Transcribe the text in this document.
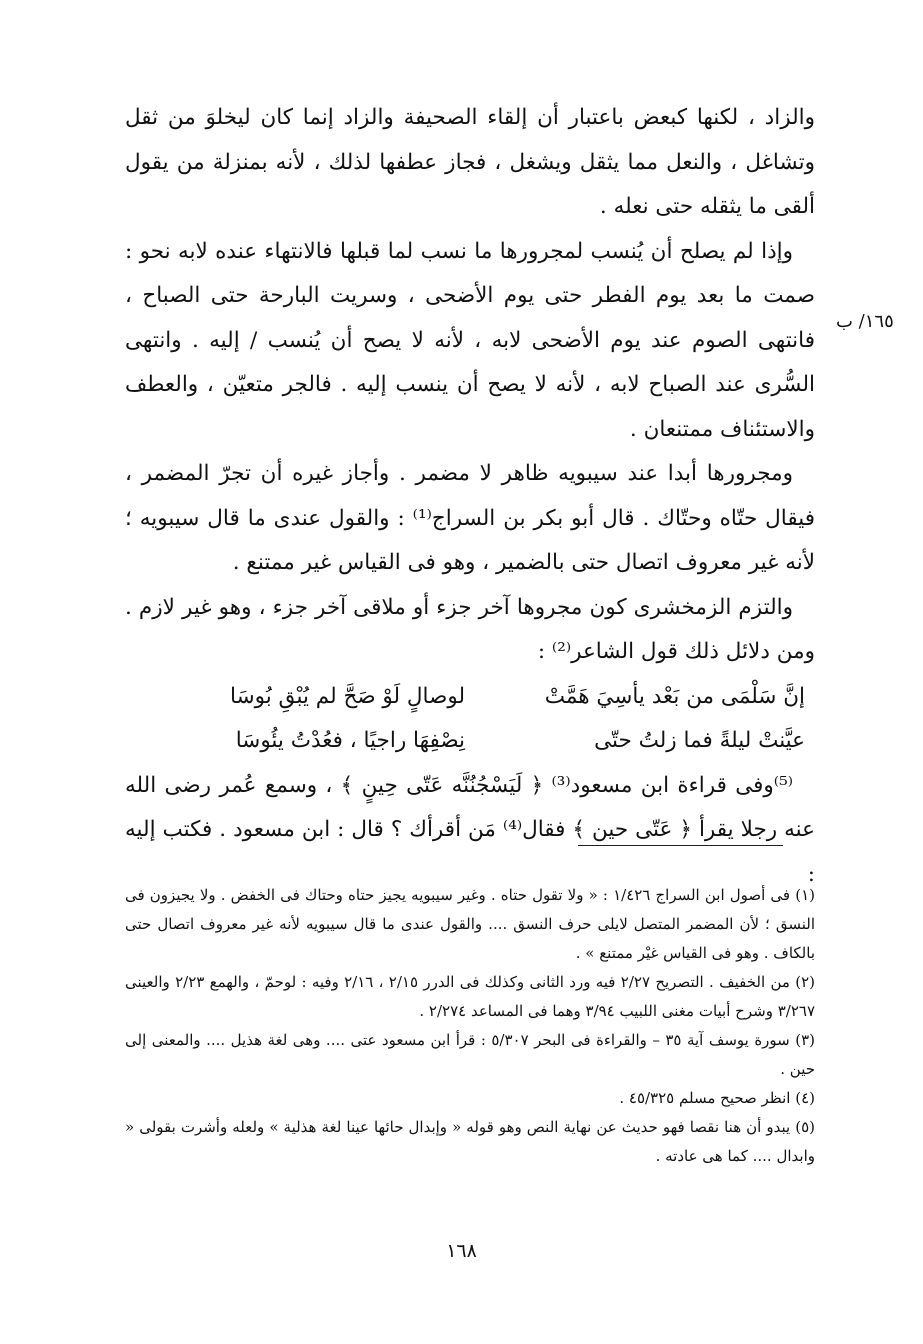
١٦٥/ ب

والزاد ، لكنها كبعض باعتبار أن إلقاء الصحيفة والزاد إنما كان ليخلوَ من ثقل وتشاغل ، والنعل مما يثقل ويشغل ، فجاز عطفها لذلك ، لأنه بمنزلة من يقول ألقى ما يثقله حتى نعله .

وإذا لم يصلح أن يُنسب لمجرورها ما نسب لما قبلها فالانتهاء عنده لابه نحو : صمت ما بعد يوم الفطر حتى يوم الأضحى ، وسريت البارحة حتى الصباح ، فانتهى الصوم عند يوم الأضحى لابه ، لأنه لا يصح أن يُنسب / إليه . وانتهى السُّرى عند الصباح لابه ، لأنه لا يصح أن ينسب إليه . فالجر متعيّن ، والعطف والاستئناف ممتنعان .

ومجرورها أبدا عند سيبويه ظاهر لا مضمر . وأجاز غيره أن تجرّ المضمر ، فيقال حتّاه وحتّاك . قال أبو بكر بن السراج⁽¹⁾ : والقول عندى ما قال سيبويه ؛ لأنه غير معروف اتصال حتى بالضمير ، وهو فى القياس غير ممتنع .

والتزم الزمخشرى كون مجروها آخر جزء أو ملاقى آخر جزء ، وهو غير لازم . ومن دلائل ذلك قول الشاعر⁽²⁾ :

إنَّ سَلْمَى من بَعْد يأسِيَ هَمَّتْ
لوصالٍ لَوْ صَحَّ لم يُبْقِ بُوسَا
عيَّنتْ ليلةً فما زلتُ حتّى
نِصْفِهَا راجيًا ، فعُدْتُ يئُوسَا

⁽⁵⁾وفى قراءة ابن مسعود⁽³⁾ ﴿ لَيَسْجُنُنَّه عَتّى حِينٍ ﴾ ، وسمع عُمر رضى الله عنه رجلا يقرأ ﴿ عَتّى حين ﴾ فقال⁽⁴⁾ مَن أقرأك ؟ قال : ابن مسعود . فكتب إليه :

(١) فى أصول ابن السراج ١/٤٢٦ : « ولا تقول حتاه . وغير سيبويه يجيز حتاه وحتاك فى الخفض . ولا يجيزون فى النسق ؛ لأن المضمر المتصل لايلى حرف النسق .... والقول عندى ما قال سيبويه لأنه غير معروف اتصال حتى بالكاف . وهو فى القياس غيْر ممتنع » .

(٢) من الخفيف . التصريح ٢/٢٧ فيه ورد الثانى وكذلك فى الدرر ٢/١٥ ، ٢/١٦ وفيه : لوحمّ ، والهمع ٢/٢٣ والعينى ٣/٢٦٧ وشرح أبيات مغنى اللبيب ٣/٩٤ وهما فى المساعد ٢/٢٧٤ .

(٣) سورة يوسف آية ٣٥ – والقراءة فى البحر ٥/٣٠٧ : قرأ ابن مسعود عتى .... وهى لغة هذيل .... والمعنى إلى حين .

(٤) انظر صحيح مسلم ٤٥/٣٢٥ .

(٥) يبدو أن هنا نقصا فهو حديث عن نهاية النص وهو قوله « وإبدال حائها عينا لغة هذلية » ولعله وأشرت بقولى « وابدال .... كما هى عادته .

١٦٨
